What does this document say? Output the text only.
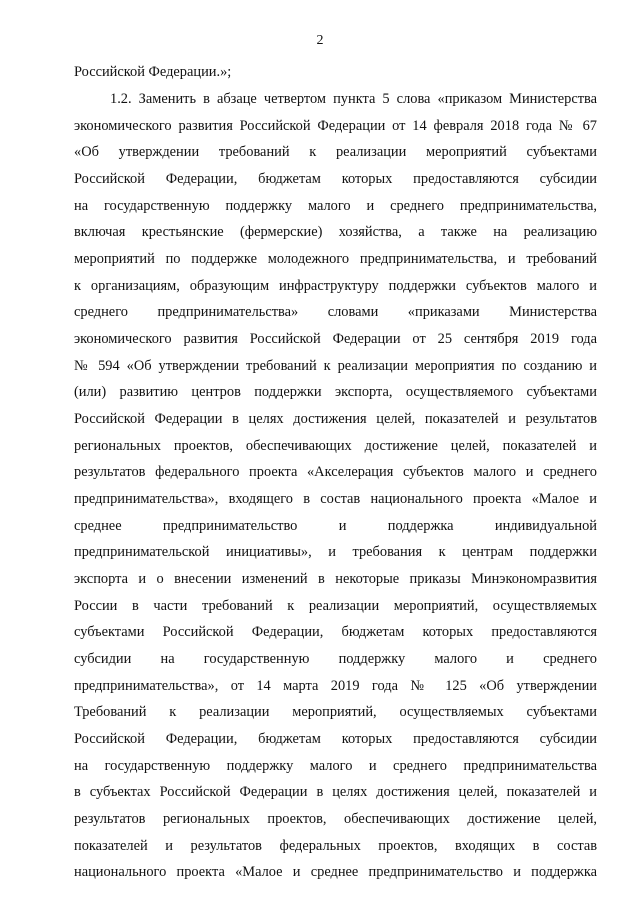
2
Российской Федерации.»;
1.2. Заменить в абзаце четвертом пункта 5 слова «приказом Министерства
экономического развития Российской Федерации от 14 февраля 2018 года № 67
«Об утверждении требований к реализации мероприятий субъектами
Российской Федерации, бюджетам которых предоставляются субсидии
на государственную поддержку малого и среднего предпринимательства,
включая крестьянские (фермерские) хозяйства, а также на реализацию
мероприятий по поддержке молодежного предпринимательства, и требований
к организациям, образующим инфраструктуру поддержки субъектов малого и
среднего предпринимательства» словами «приказами Министерства
экономического развития Российской Федерации от 25 сентября 2019 года
№ 594 «Об утверждении требований к реализации мероприятия по созданию и
(или) развитию центров поддержки экспорта, осуществляемого субъектами
Российской Федерации в целях достижения целей, показателей и результатов
региональных проектов, обеспечивающих достижение целей, показателей и
результатов федерального проекта «Акселерация субъектов малого и среднего
предпринимательства», входящего в состав национального проекта «Малое и
среднее предпринимательство и поддержка индивидуальной
предпринимательской инициативы», и требования к центрам поддержки
экспорта и о внесении изменений в некоторые приказы Минэкономразвития
России в части требований к реализации мероприятий, осуществляемых
субъектами Российской Федерации, бюджетам которых предоставляются
субсидии на государственную поддержку малого и среднего
предпринимательства», от 14 марта 2019 года № 125 «Об утверждении
Требований к реализации мероприятий, осуществляемых субъектами
Российской Федерации, бюджетам которых предоставляются субсидии
на государственную поддержку малого и среднего предпринимательства
в субъектах Российской Федерации в целях достижения целей, показателей и
результатов региональных проектов, обеспечивающих достижение целей,
показателей и результатов федеральных проектов, входящих в состав
национального проекта «Малое и среднее предпринимательство и поддержка
